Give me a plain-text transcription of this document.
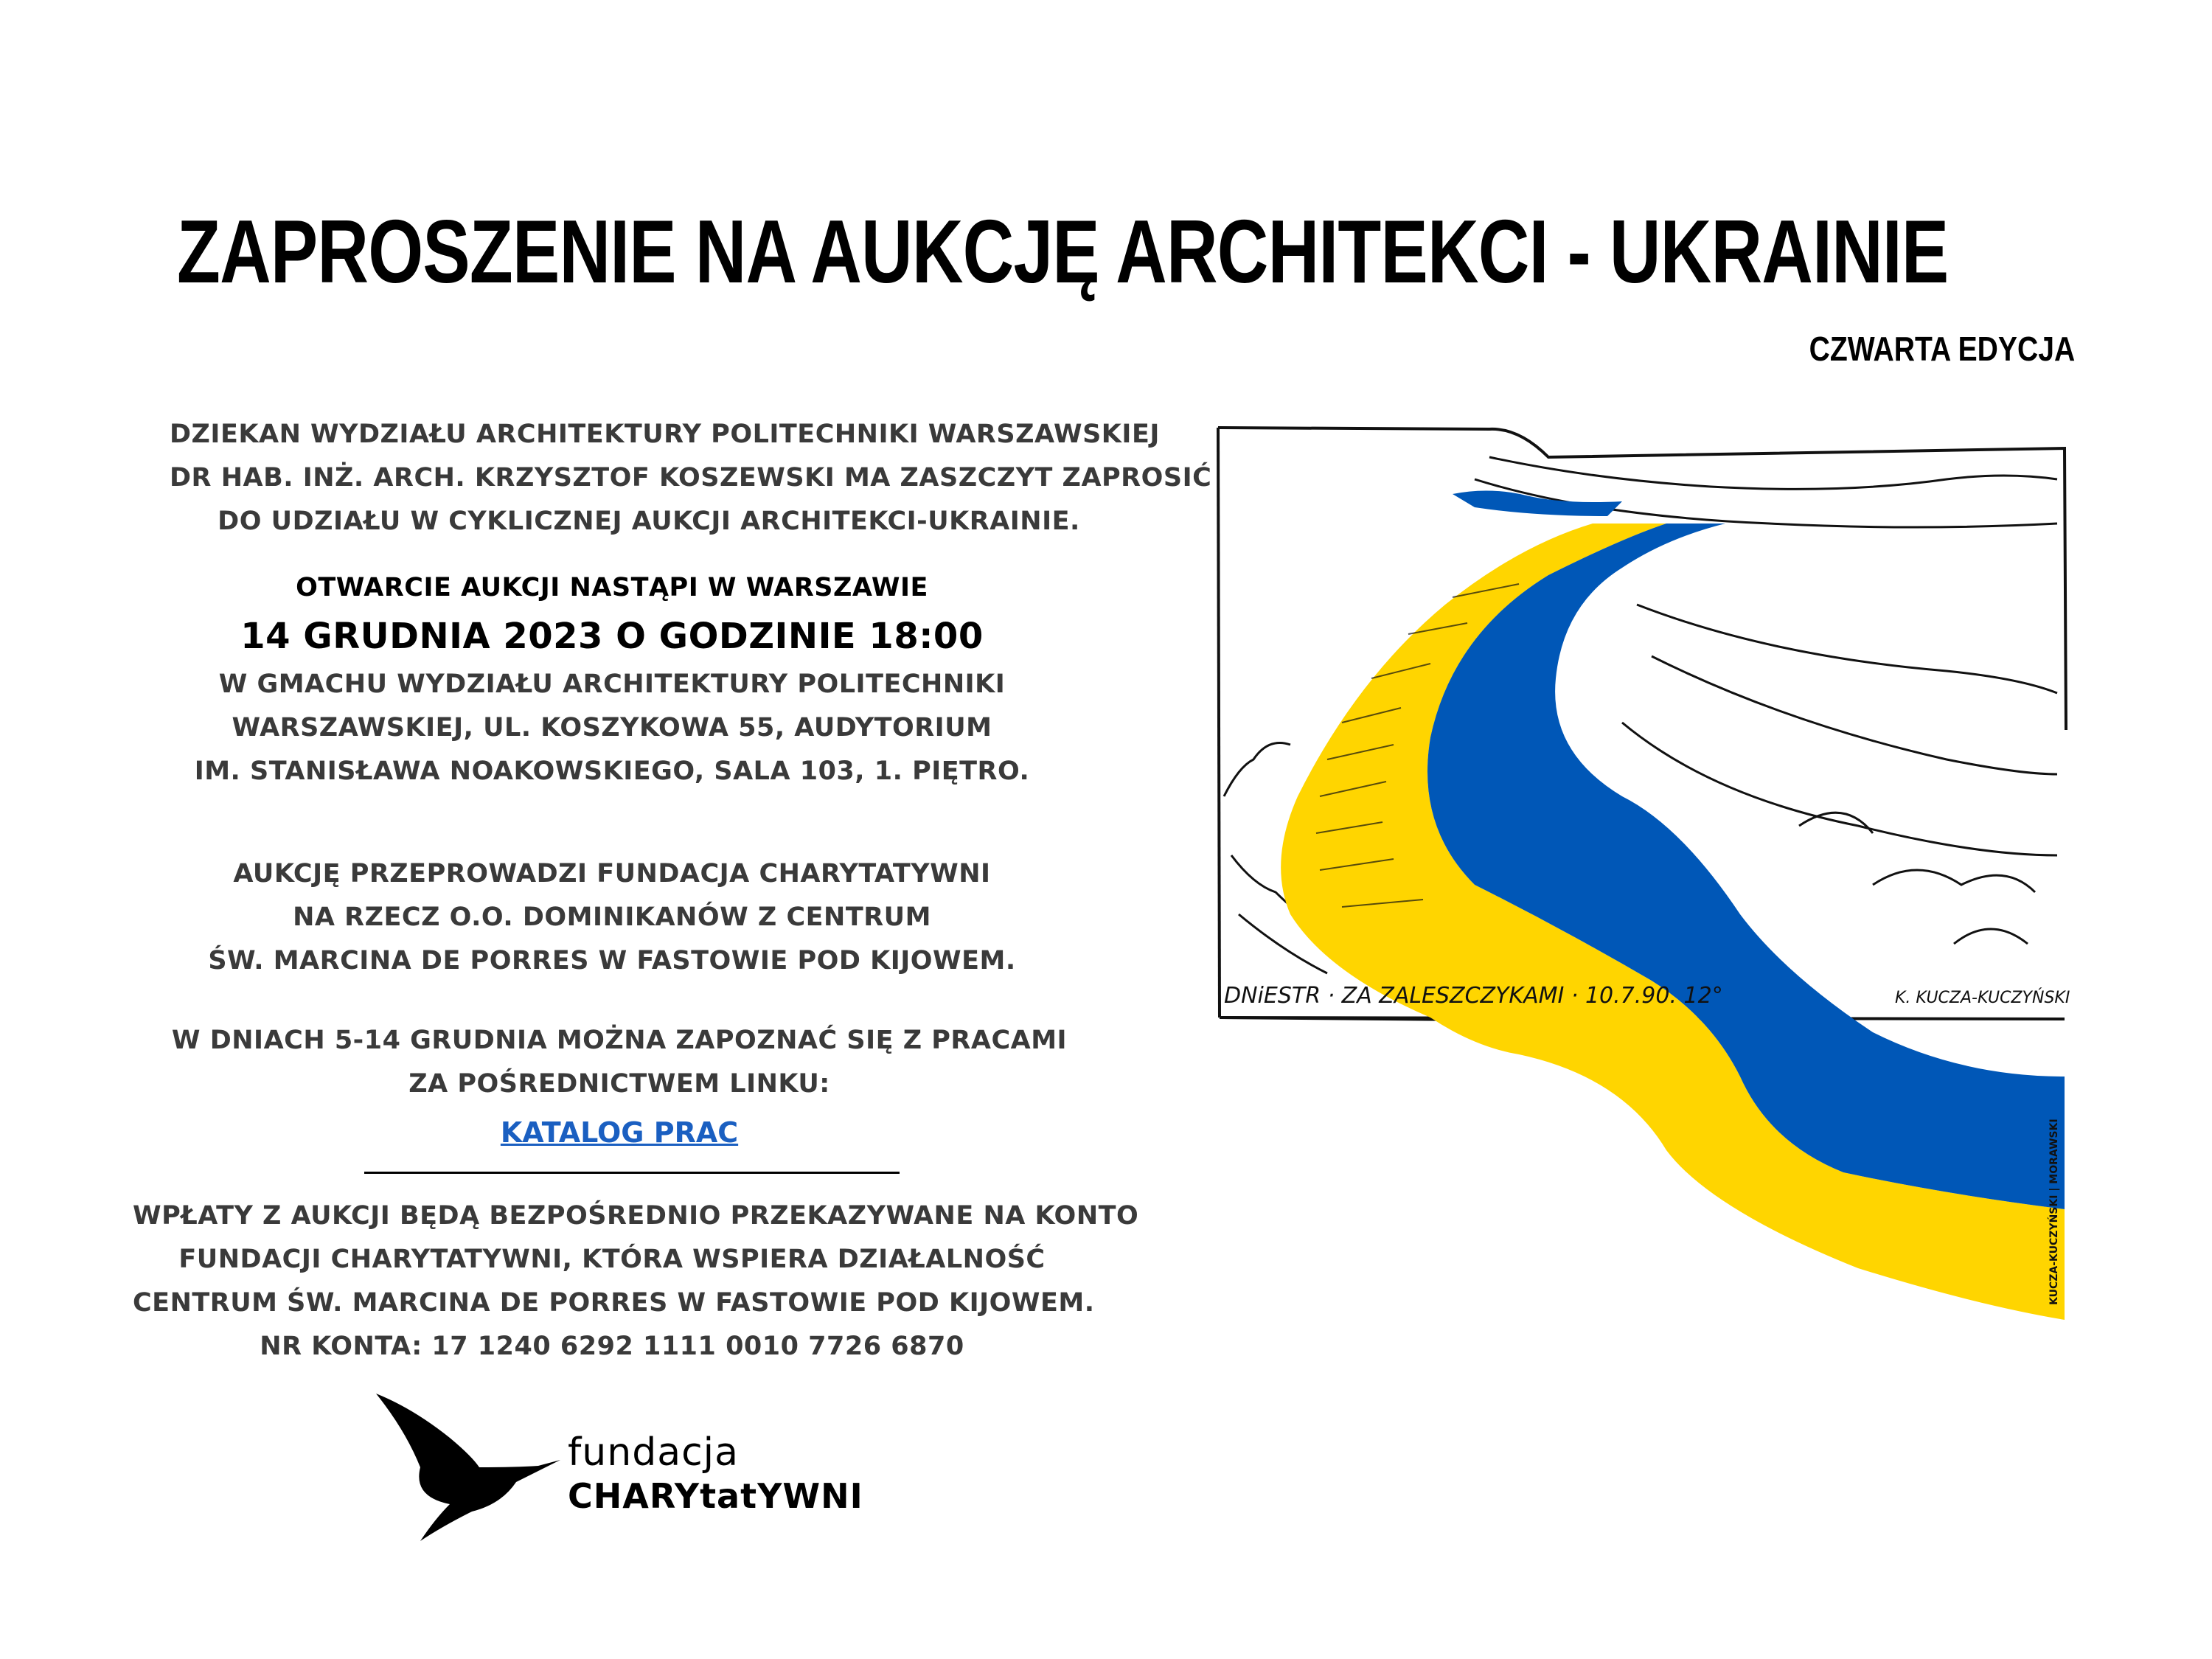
ZAPROSZENIE NA AUKCJĘ ARCHITEKCI - UKRAINIE
CZWARTA EDYCJA
DZIEKAN WYDZIAŁU ARCHITEKTURY POLITECHNIKI WARSZAWSKIEJ
DR HAB. INŻ. ARCH. KRZYSZTOF KOSZEWSKI MA ZASZCZYT ZAPROSIĆ
DO UDZIAŁU W CYKLICZNEJ AUKCJI ARCHITEKCI-UKRAINIE.
OTWARCIE AUKCJI NASTĄPI W WARSZAWIE
14 GRUDNIA 2023 O GODZINIE 18:00
W GMACHU WYDZIAŁU ARCHITEKTURY POLITECHNIKI
WARSZAWSKIEJ, UL. KOSZYKOWA 55, AUDYTORIUM
IM. STANISŁAWA NOAKOWSKIEGO, SALA 103, 1. PIĘTRO.
AUKCJĘ PRZEPROWADZI FUNDACJA CHARYTATYWNI
NA RZECZ O.O. DOMINIKANÓW Z CENTRUM
ŚW. MARCINA DE PORRES W FASTOWIE POD KIJOWEM.
W DNIACH 5-14 GRUDNIA MOŻNA ZAPOZNAĆ SIĘ Z PRACAMI
ZA POŚREDNICTWEM LINKU:
KATALOG PRAC
WPŁATY Z AUKCJI BĘDĄ BEZPOŚREDNIO PRZEKAZYWANE NA KONTO
FUNDACJI CHARYTATYWNI, KTÓRA WSPIERA DZIAŁALNOŚĆ
CENTRUM ŚW. MARCINA DE PORRES W FASTOWIE POD KIJOWEM.
NR KONTA: 17 1240 6292 1111 0010 7726 6870
DNiESTR · ZA ZALESZCZYKAMI · 10.7.90. 12°	K. KUCZA-KUCZYŃSKI
KUCZA-KUCZYŃSKI | MORAWSKI
fundacja
CHARYtatYWNI
